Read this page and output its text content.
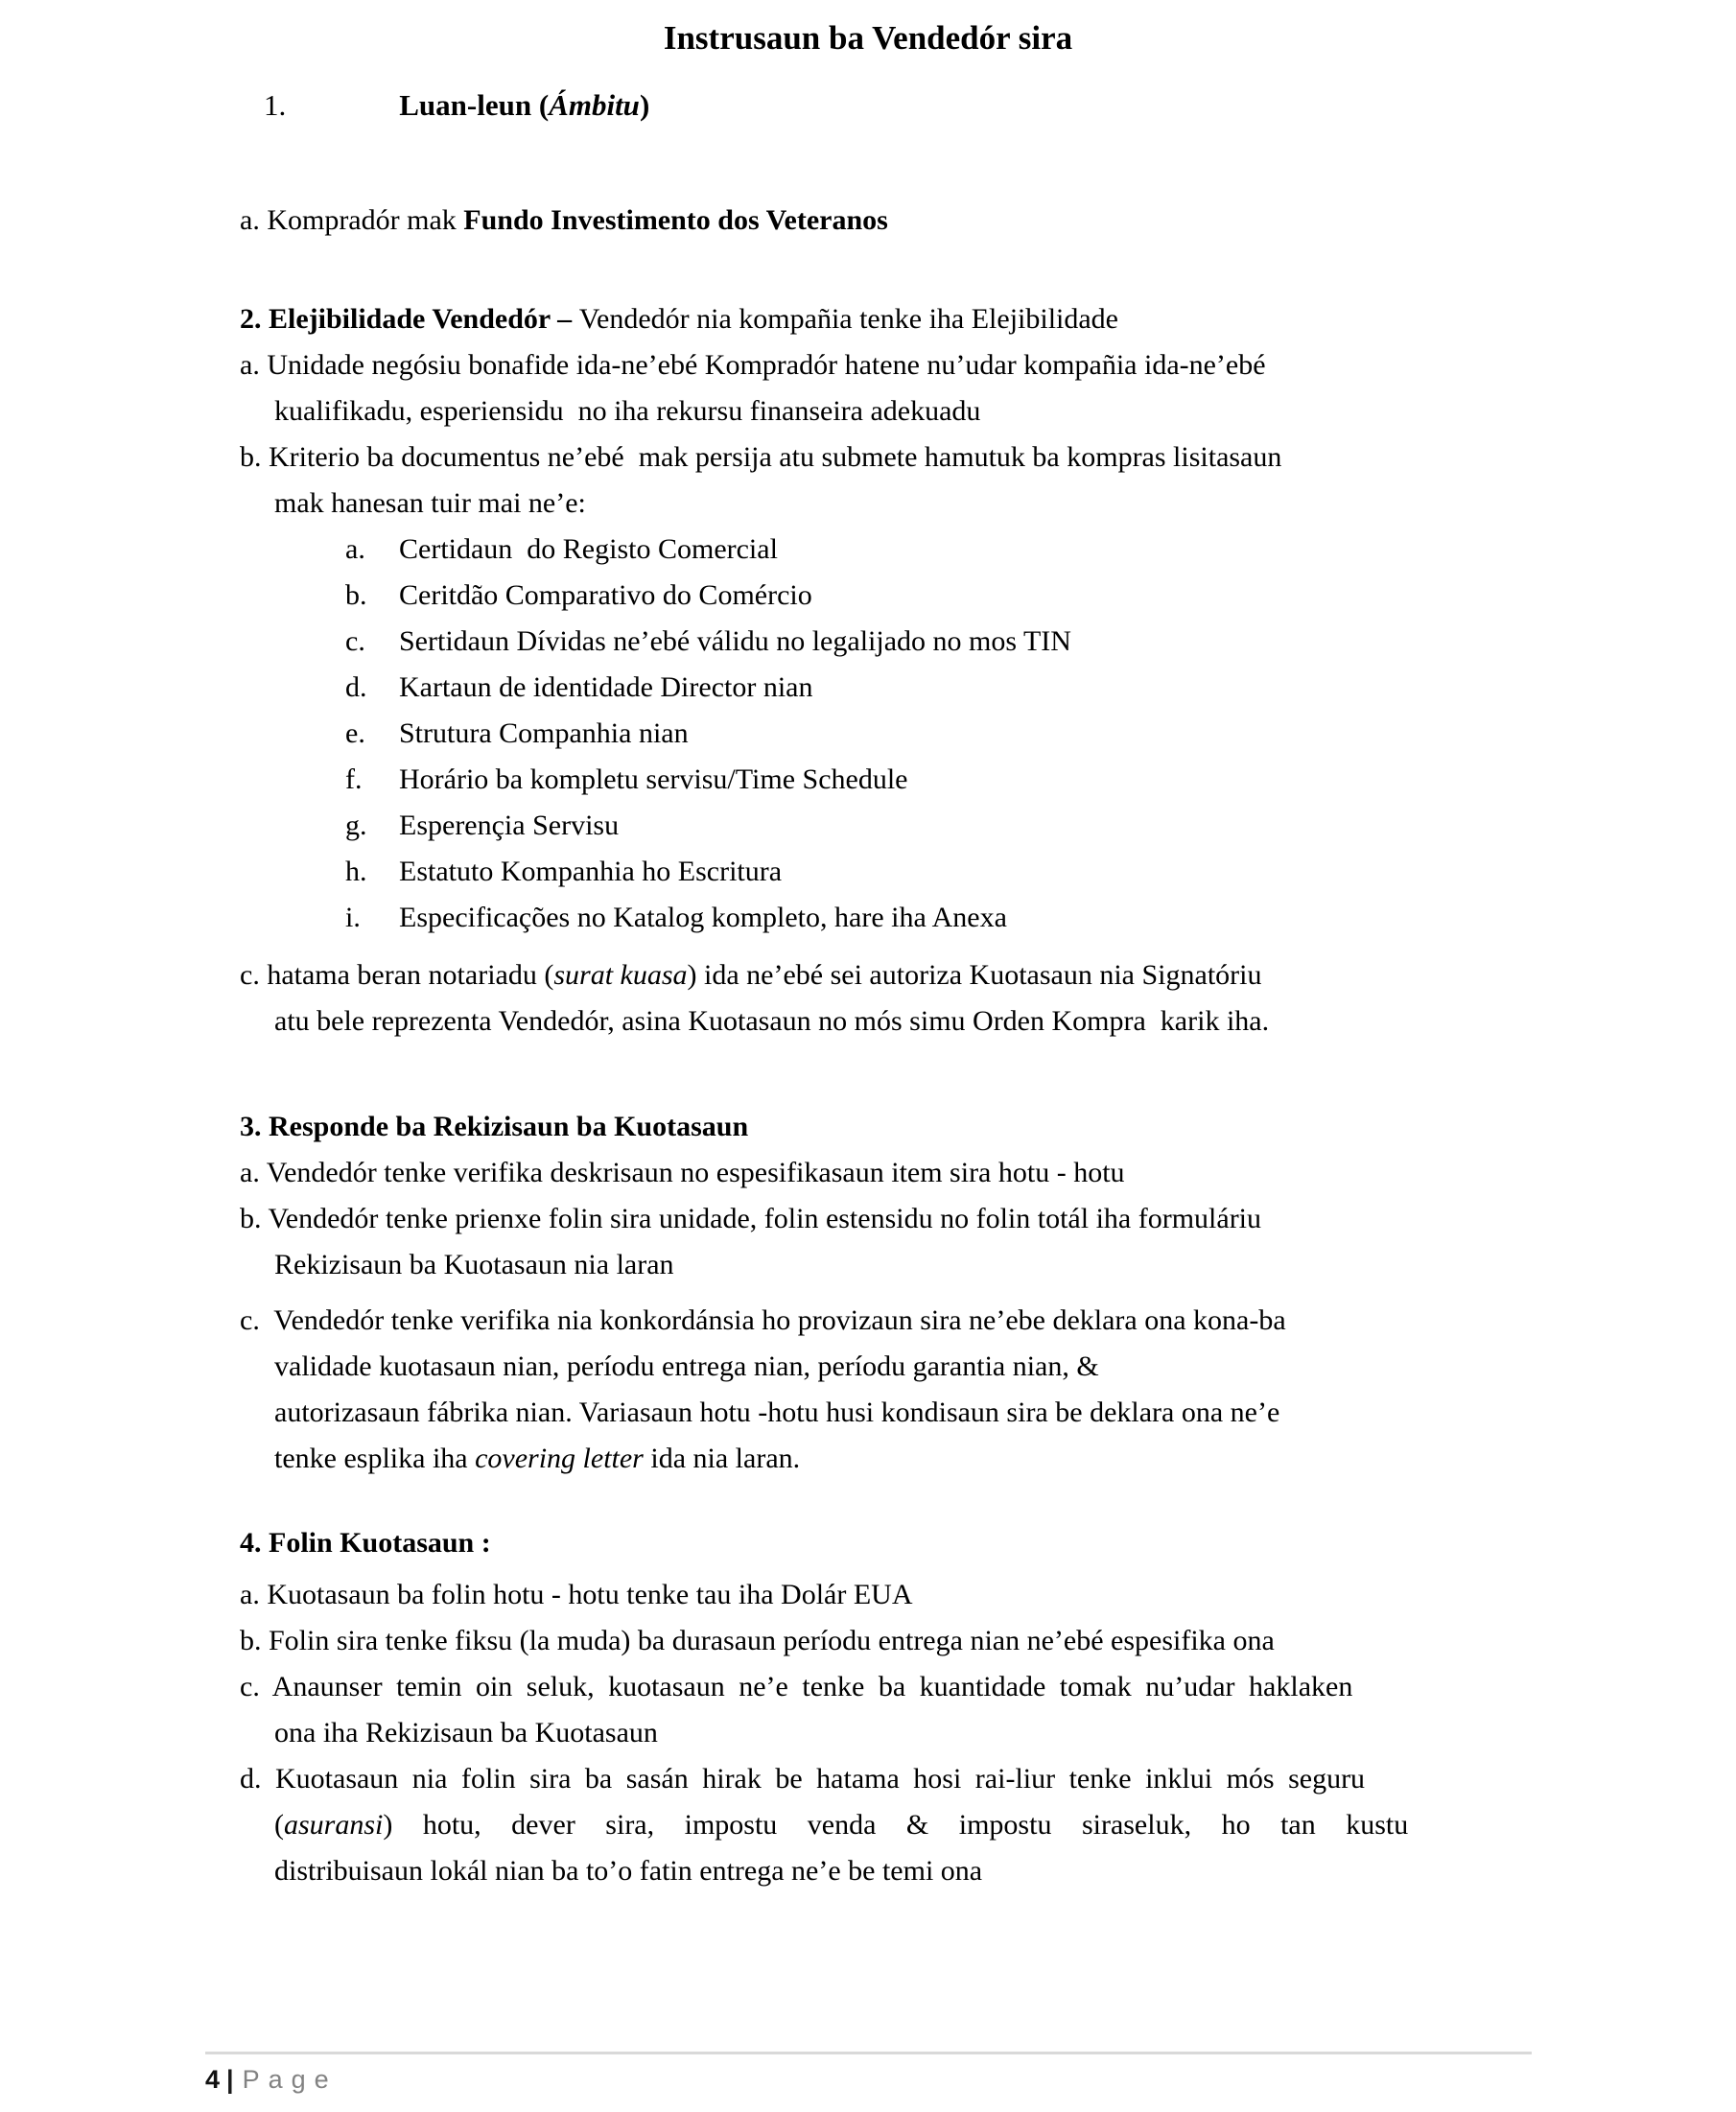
Instrusaun ba Vendedór sira
1.	Luan-leun (Ámbitu)

a. Kompradór mak Fundo Investimento dos Veteranos

2. Elejibilidade Vendedór – Vendedór nia kompañia tenke iha Elejibilidade

a. Unidade negósiu bonafide ida-ne’ebé Kompradór hatene nu’udar kompañia ida-ne’ebé
kualifikadu, esperiensidu  no iha rekursu finanseira adekuadu

b. Kriterio ba documentus ne’ebé  mak persija atu submete hamutuk ba kompras lisitasaun
mak hanesan tuir mai ne’e:

a. Certidaun  do Registo Comercial

b. Ceritdão Comparativo do Comércio

c. Sertidaun Dívidas ne’ebé válidu no legalijado no mos TIN

d. Kartaun de identidade Director nian

e. Strutura Companhia nian

f. Horário ba kompletu servisu/Time Schedule

g. Esperençia Servisu

h. Estatuto Kompanhia ho Escritura

i. Especificações no Katalog kompleto, hare iha Anexa

c. hatama beran notariadu (surat kuasa) ida ne’ebé sei autoriza Kuotasaun nia Signatóriu
atu bele reprezenta Vendedór, asina Kuotasaun no mós simu Orden Kompra  karik iha.

3. Responde ba Rekizisaun ba Kuotasaun

a. Vendedór tenke verifika deskrisaun no espesifikasaun item sira hotu - hotu

b. Vendedór tenke prienxe folin sira unidade, folin estensidu no folin totál iha formuláriu
Rekizisaun ba Kuotasaun nia laran

c.  Vendedór tenke verifika nia konkordánsia ho provizaun sira ne’ebe deklara ona kona-ba
validade kuotasaun nian, períodu entrega nian, períodu garantia nian, &
autorizasaun fábrika nian. Variasaun hotu -hotu husi kondisaun sira be deklara ona ne’e
tenke esplika iha covering letter ida nia laran.

4. Folin Kuotasaun :

a. Kuotasaun ba folin hotu - hotu tenke tau iha Dolár EUA

b. Folin sira tenke fiksu (la muda) ba durasaun períodu entrega nian ne’ebé espesifika ona

c. Anaunser temin oin seluk, kuotasaun ne’e tenke ba kuantidade tomak nu’udar haklaken
ona iha Rekizisaun ba Kuotasaun

d. Kuotasaun nia folin sira ba sasán hirak be hatama hosi rai-liur tenke inklui mós seguru
(asuransi) hotu, dever sira, impostu venda & impostu siraseluk, ho tan kustu
distribuisaun lokál nian ba to’o fatin entrega ne’e be temi ona

4 | Page
